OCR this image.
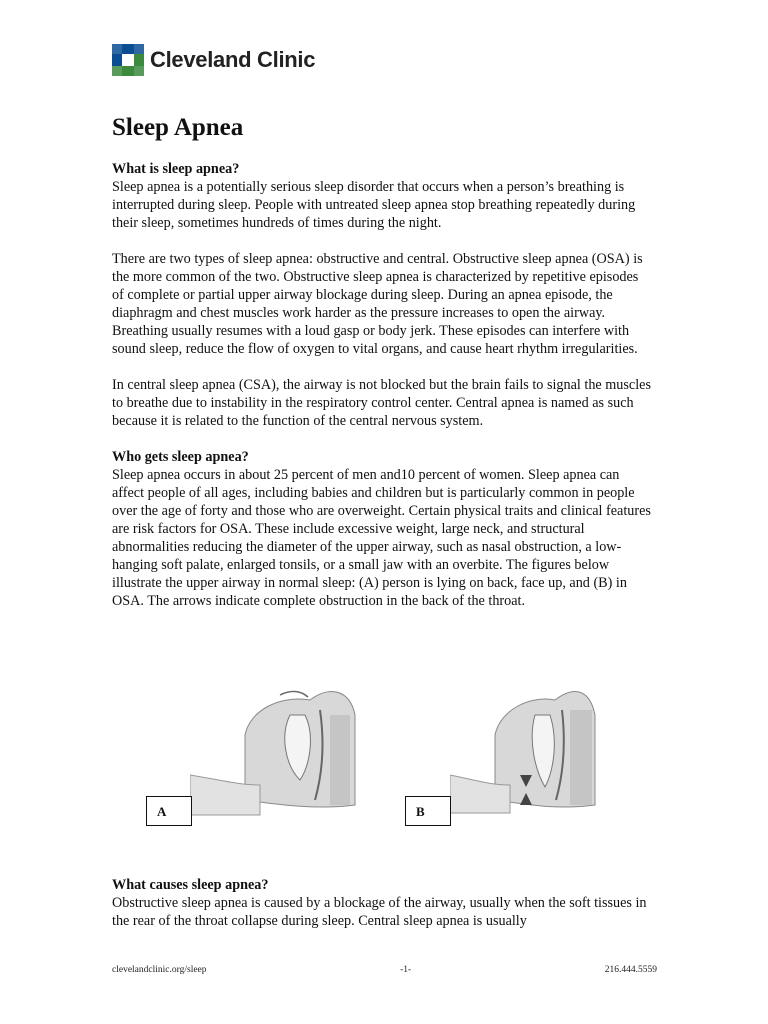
Cleveland Clinic
Sleep Apnea
What is sleep apnea?

Sleep apnea is a potentially serious sleep disorder that occurs when a person’s breathing is interrupted during sleep. People with untreated sleep apnea stop breathing repeatedly during their sleep, sometimes hundreds of times during the night.

There are two types of sleep apnea: obstructive and central. Obstructive sleep apnea (OSA) is the more common of the two. Obstructive sleep apnea is characterized by repetitive episodes of complete or partial upper airway blockage during sleep. During an apnea episode, the diaphragm and chest muscles work harder as the pressure increases to open the airway. Breathing usually resumes with a loud gasp or body jerk. These episodes can interfere with sound sleep, reduce the flow of oxygen to vital organs, and cause heart rhythm irregularities.

In central sleep apnea (CSA), the airway is not blocked but the brain fails to signal the muscles to breathe due to instability in the respiratory control center. Central apnea is named as such because it is related to the function of the central nervous system.

Who gets sleep apnea?

Sleep apnea occurs in about 25 percent of men and10 percent of women. Sleep apnea can affect people of all ages, including babies and children but is particularly common in people over the age of forty and those who are overweight. Certain physical traits and clinical features are risk factors for OSA. These include excessive weight, large neck, and structural abnormalities reducing the diameter of the upper airway, such as nasal obstruction, a low-hanging soft palate, enlarged tonsils, or a small jaw with an overbite. The figures below illustrate the upper airway in normal sleep: (A) person is lying on back, face up, and (B) in OSA. The arrows indicate complete obstruction in the back of the throat.

A	B
What causes sleep apnea?

Obstructive sleep apnea is caused by a blockage of the airway, usually when the soft tissues in the rear of the throat collapse during sleep. Central sleep apnea is usually

clevelandclinic.org/sleep	-1-	216.444.5559
